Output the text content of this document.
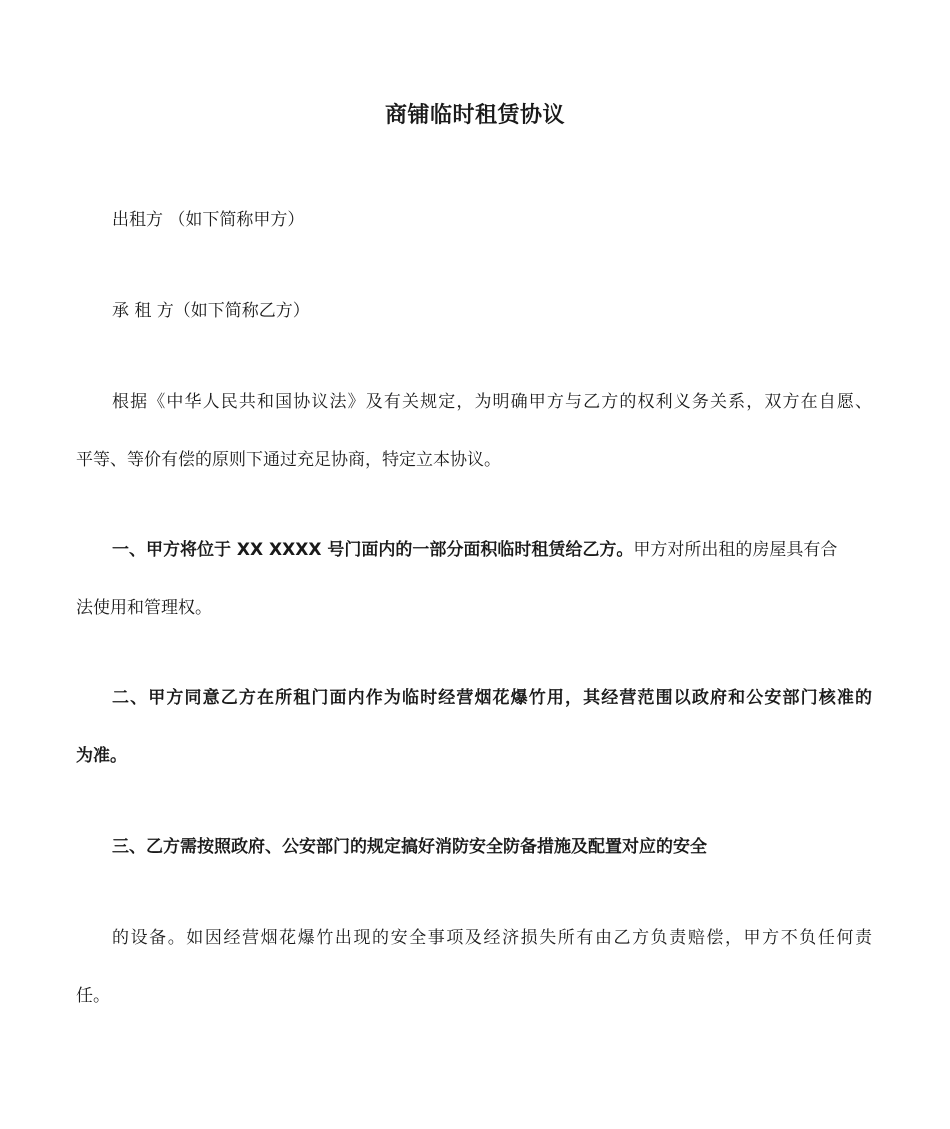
商铺临时租赁协议
出租方 （如下简称甲方）
承 租 方（如下简称乙方）
根据《中华人民共和国协议法》及有关规定，为明确甲方与乙方的权利义务关系，双方在自愿、
平等、等价有偿的原则下通过充足协商，特定立本协议。
一、甲方将位于 XX XXXX 号门面内的一部分面积临时租赁给乙方。甲方对所出租的房屋具有合
法使用和管理权。
二、甲方同意乙方在所租门面内作为临时经营烟花爆竹用，其经营范围以政府和公安部门核准的
为准。
三、乙方需按照政府、公安部门的规定搞好消防安全防备措施及配置对应的安全
的设备。如因经营烟花爆竹出现的安全事项及经济损失所有由乙方负责赔偿，甲方不负任何责
任。
